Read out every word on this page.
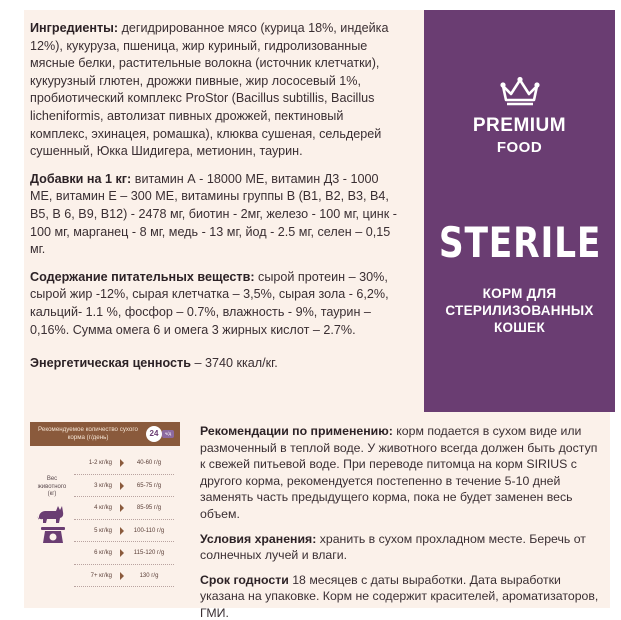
Ингредиенты: дегидрированное мясо (курица 18%, индейка 12%), кукуруза, пшеница, жир куриный, гидролизованные мясные белки, растительные волокна (источник клетчатки), кукурузный глютен, дрожжи пивные, жир лососевый 1%, пробиотический комплекс ProStor (Bacillus subtillis, Bacillus licheniformis, автолизат пивных дрожжей, пектиновый комплекс, эхинацея, ромашка), клюква сушеная, сельдерей сушенный, Юкка Шидигера, метионин, таурин.

Добавки на 1 кг: витамин А - 18000 МЕ, витамин Д3 - 1000 МЕ, витамин Е – 300 МЕ, витамины группы В (В1, В2, В3, В4, В5, В 6, В9, В12) - 2478 мг, биотин - 2мг, железо - 100 мг, цинк - 100 мг, марганец - 8 мг, медь - 13 мг, йод - 2.5 мг, селен – 0,15 мг.

Содержание питательных веществ: сырой протеин – 30%, сырой жир -12%, сырая клетчатка – 3,5%, сырая зола - 6,2%, кальций- 1.1 %, фосфор – 0.7%, влажность - 9%, таурин – 0,16%. Сумма омега 6 и омега 3 жирных кислот – 2.7%.

Энергетическая ценность – 3740 ккал/кг.

PREMIUM
FOOD
STERILE
КОРМ ДЛЯ СТЕРИЛИЗОВАННЫХ КОШЕК
Рекомендуемое количество сухого корма (г/день)	24	ч/д
Вес животного (кг)
1-2 кг/kg	40-60 г/g
3 кг/kg	65-75 г/g
4 кг/kg	85-95 г/g
5 кг/kg	100-110 г/g
6 кг/kg	115-120 г/g
7+ кг/kg	130 г/g

Рекомендации по применению: корм подается в сухом виде или размоченный в теплой воде. У животного всегда должен быть доступ к свежей питьевой воде. При переводе питомца на корм SIRIUS с другого корма, рекомендуется постепенно в течение 5-10 дней заменять часть предыдущего корма, пока не будет заменен весь объем.

Условия хранения: хранить в сухом прохладном месте. Беречь от солнечных лучей и влаги.

Срок годности 18 месяцев с даты выработки. Дата выработки указана на упаковке. Корм не содержит красителей, ароматизаторов, ГМИ.
